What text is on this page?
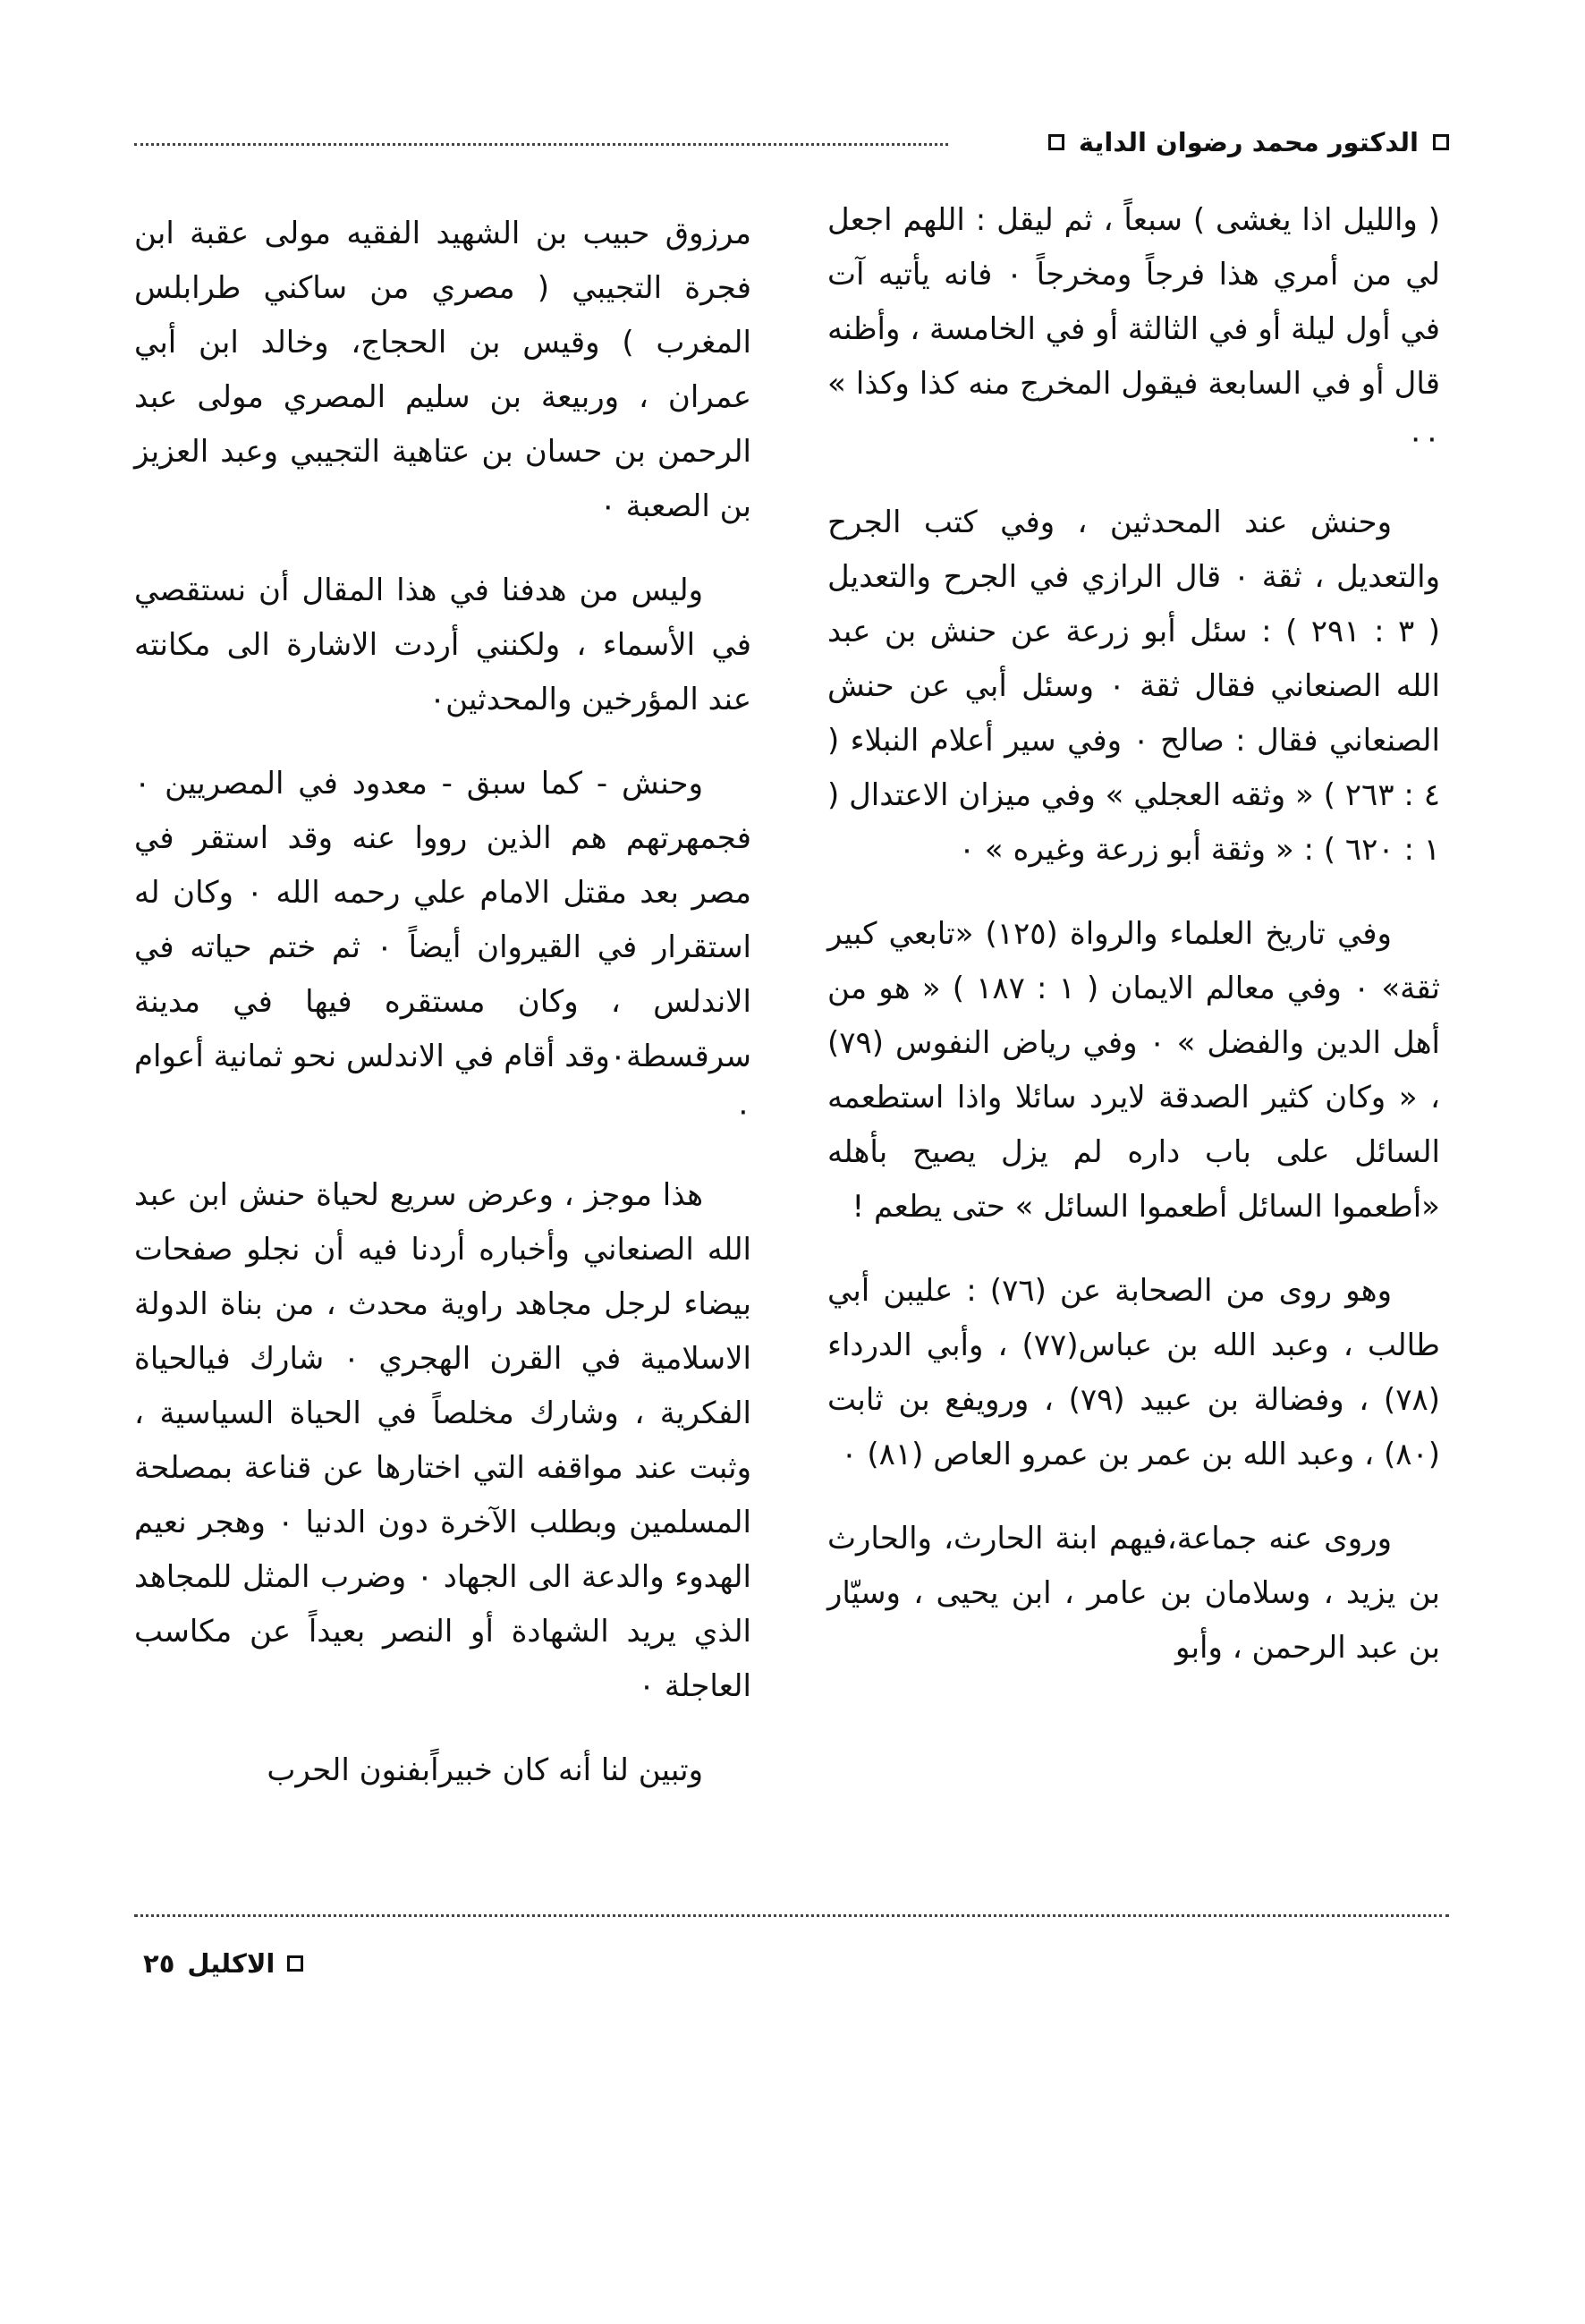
الدكتور محمد رضوان الداية

( والليل اذا يغشى ) سبعاً ، ثم ليقل : اللهم اجعل لي من أمري هذا فرجاً ومخرجاً ٠ فانه يأتيه آت في أول ليلة أو في الثالثة أو في الخامسة ، وأظنه قال أو في السابعة فيقول المخرج منه كذا وكذا » ٠٠

وحنش عند المحدثين ، وفي كتب الجرح والتعديل ، ثقة ٠ قال الرازي في الجرح والتعديل ( ٣ : ٢٩١ ) : سئل أبو زرعة عن حنش بن عبد الله الصنعاني فقال ثقة ٠ وسئل أبي عن حنش الصنعاني فقال : صالح ٠ وفي سير أعلام النبلاء ( ٤ : ٢٦٣ ) « وثقه العجلي » وفي ميزان الاعتدال ( ١ : ٦٢٠ ) : « وثقة أبو زرعة وغيره » ٠

وفي تاريخ العلماء والرواة (١٢٥) «تابعي كبير ثقة» ٠ وفي معالم الايمان ( ١ : ١٨٧ ) « هو من أهل الدين والفضل » ٠ وفي رياض النفوس (٧٩) ، « وكان كثير الصدقة لايرد سائلا واذا استطعمه السائل على باب داره لم يزل يصيح بأهله «أطعموا السائل أطعموا السائل » حتى يطعم !

وهو روى من الصحابة عن (٧٦) : عليبن أبي طالب ، وعبد الله بن عباس(٧٧) ، وأبي الدرداء (٧٨) ، وفضالة بن عبيد (٧٩) ، ورويفع بن ثابت (٨٠) ، وعبد الله بن عمر بن عمرو العاص (٨١) ٠

وروى عنه جماعة،فيهم ابنة الحارث، والحارث بن يزيد ، وسلامان بن عامر ، ابن يحيى ، وسيّار بن عبد الرحمن ، وأبو

مرزوق حبيب بن الشهيد الفقيه مولى عقبة ابن فجرة التجيبي ( مصري من ساكني طرابلس المغرب ) وقيس بن الحجاج، وخالد ابن أبي عمران ، وربيعة بن سليم المصري مولى عبد الرحمن بن حسان بن عتاهية التجيبي وعبد العزيز بن الصعبة ٠

وليس من هدفنا في هذا المقال أن نستقصي في الأسماء ، ولكنني أردت الاشارة الى مكانته عند المؤرخين والمحدثين٠

وحنش - كما سبق - معدود في المصريين ٠ فجمهرتهم هم الذين رووا عنه وقد استقر في مصر بعد مقتل الامام علي رحمه الله ٠ وكان له استقرار في القيروان أيضاً ٠ ثم ختم حياته في الاندلس ، وكان مستقره فيها في مدينة سرقسطة٠وقد أقام في الاندلس نحو ثمانية أعوام ٠

هذا موجز ، وعرض سريع لحياة حنش ابن عبد الله الصنعاني وأخباره أردنا فيه أن نجلو صفحات بيضاء لرجل مجاهد راوية محدث ، من بناة الدولة الاسلامية في القرن الهجري ٠ شارك فيالحياة الفكرية ، وشارك مخلصاً في الحياة السياسية ، وثبت عند مواقفه التي اختارها عن قناعة بمصلحة المسلمين وبطلب الآخرة دون الدنيا ٠ وهجر نعيم الهدوء والدعة الى الجهاد ٠ وضرب المثل للمجاهد الذي يريد الشهادة أو النصر بعيداً عن مكاسب العاجلة ٠

وتبين لنا أنه كان خبيراًبفنون الحرب

الاكليل
٢٥
